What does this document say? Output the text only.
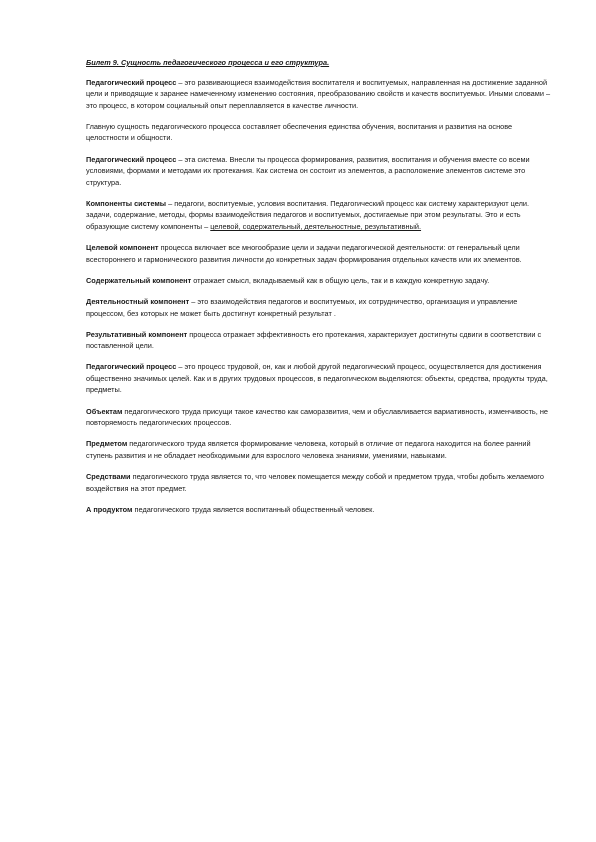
Билет 9. Сущность педагогического процесса и его структура.

Педагогический процесс – это развивающиеся взаимодействия воспитателя и воспитуемых, направленная на достижение заданной цели и приводящие к заранее намеченному изменению состояния, преобразованию свойств и качеств воспитуемых. Иными словами – это процесс, в котором социальный опыт переплавляется в качестве личности.

Главную сущность педагогического процесса составляет обеспечения единства обучения, воспитания и развития на основе целостности и общности.

Педагогический процесс – эта система. Внесли ты процесса формирования, развития, воспитания и обучения вместе со всеми условиями, формами и методами их протекания. Как система он состоит из элементов, а расположение элементов системе это структура.

Компоненты системы – педагоги, воспитуемые, условия воспитания. Педагогический процесс как систему характеризуют цели. задачи, содержание, методы, формы взаимодействия педагогов и воспитуемых, достигаемые при этом результаты. Это и есть образующие систему компоненты – целевой, содержательный, деятельностные, результативный.

Целевой компонент процесса включает все многообразие цели и задачи педагогической деятельности: от генеральный цели всестороннего и гармонического развития личности до конкретных задач формирования отдельных качеств или их элементов.

Содержательный компонент отражает смысл, вкладываемый как в общую цель, так и в каждую конкретную задачу.

Деятельностный компонент – это взаимодействия педагогов и воспитуемых, их сотрудничество, организация и управление процессом, без которых не может быть достигнут конкретный результат .

Результативный компонент процесса отражает эффективность его протекания, характеризует достигнуты сдвиги в соответствии с поставленной цели.

Педагогический процесс – это процесс трудовой, он, как и любой другой педагогический процесс, осуществляется для достижения общественно значимых целей. Как и в других трудовых процессов, в педагогическом выделяются: объекты, средства, продукты труда, предметы.

Объектам педагогического труда присущи такое качество как саморазвития, чем и обуславливается вариативность, изменчивость, не повторяемость педагогических процессов.

Предметом педагогического труда является формирование человека, который в отличие от педагога находится на более ранний ступень развития и не обладает необходимыми для взрослого человека знаниями, умениями, навыками.

Средствами педагогического труда является то, что человек помещается между собой и предметом труда, чтобы добыть желаемого воздействия на этот предмет.

А продуктом педагогического труда является воспитанный общественный человек.
